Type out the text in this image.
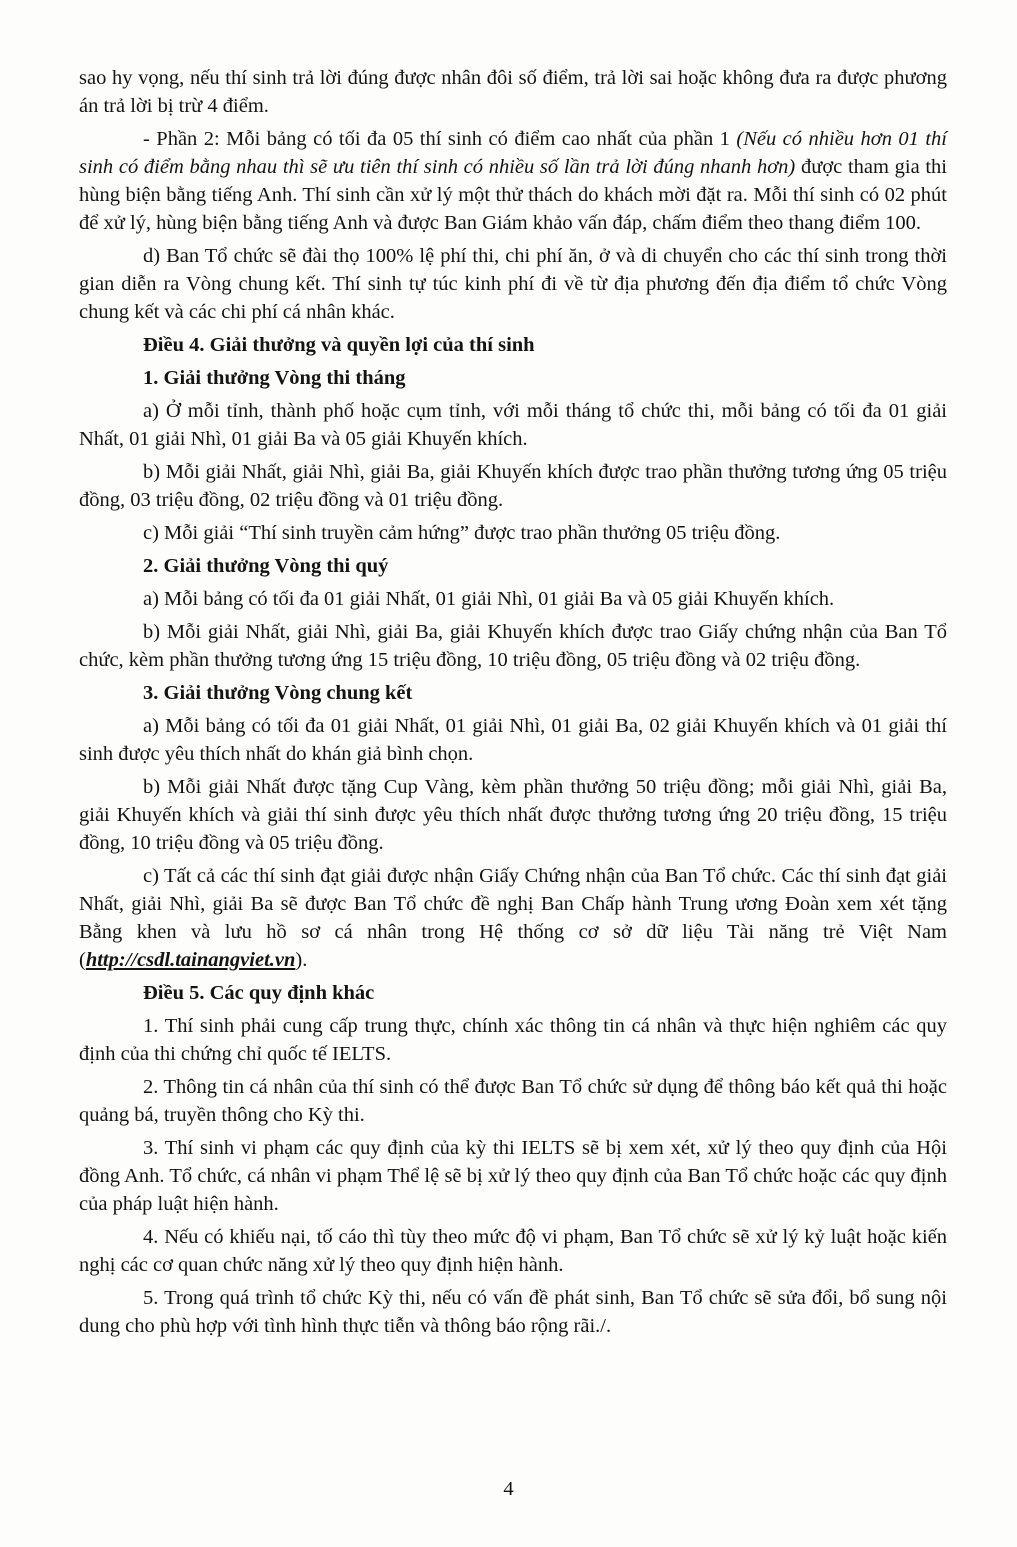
sao hy vọng, nếu thí sinh trả lời đúng được nhân đôi số điểm, trả lời sai hoặc không đưa ra được phương án trả lời bị trừ 4 điểm.

- Phần 2: Mỗi bảng có tối đa 05 thí sinh có điểm cao nhất của phần 1 (Nếu có nhiều hơn 01 thí sinh có điểm bằng nhau thì sẽ ưu tiên thí sinh có nhiều số lần trả lời đúng nhanh hơn) được tham gia thi hùng biện bằng tiếng Anh. Thí sinh cần xử lý một thử thách do khách mời đặt ra. Mỗi thí sinh có 02 phút để xử lý, hùng biện bằng tiếng Anh và được Ban Giám khảo vấn đáp, chấm điểm theo thang điểm 100.

d) Ban Tổ chức sẽ đài thọ 100% lệ phí thi, chi phí ăn, ở và di chuyển cho các thí sinh trong thời gian diễn ra Vòng chung kết. Thí sinh tự túc kinh phí đi về từ địa phương đến địa điểm tổ chức Vòng chung kết và các chi phí cá nhân khác.

Điều 4. Giải thưởng và quyền lợi của thí sinh

1. Giải thưởng Vòng thi tháng

a) Ở mỗi tỉnh, thành phố hoặc cụm tỉnh, với mỗi tháng tổ chức thi, mỗi bảng có tối đa 01 giải Nhất, 01 giải Nhì, 01 giải Ba và 05 giải Khuyến khích.

b) Mỗi giải Nhất, giải Nhì, giải Ba, giải Khuyến khích được trao phần thưởng tương ứng 05 triệu đồng, 03 triệu đồng, 02 triệu đồng và 01 triệu đồng.

c) Mỗi giải “Thí sinh truyền cảm hứng” được trao phần thưởng 05 triệu đồng.

2. Giải thưởng Vòng thi quý

a) Mỗi bảng có tối đa 01 giải Nhất, 01 giải Nhì, 01 giải Ba và 05 giải Khuyến khích.

b) Mỗi giải Nhất, giải Nhì, giải Ba, giải Khuyến khích được trao Giấy chứng nhận của Ban Tổ chức, kèm phần thưởng tương ứng 15 triệu đồng, 10 triệu đồng, 05 triệu đồng và 02 triệu đồng.

3. Giải thưởng Vòng chung kết

a) Mỗi bảng có tối đa 01 giải Nhất, 01 giải Nhì, 01 giải Ba, 02 giải Khuyến khích và 01 giải thí sinh được yêu thích nhất do khán giả bình chọn.

b) Mỗi giải Nhất được tặng Cup Vàng, kèm phần thưởng 50 triệu đồng; mỗi giải Nhì, giải Ba, giải Khuyến khích và giải thí sinh được yêu thích nhất được thưởng tương ứng 20 triệu đồng, 15 triệu đồng, 10 triệu đồng và 05 triệu đồng.

c) Tất cả các thí sinh đạt giải được nhận Giấy Chứng nhận của Ban Tổ chức. Các thí sinh đạt giải Nhất, giải Nhì, giải Ba sẽ được Ban Tổ chức đề nghị Ban Chấp hành Trung ương Đoàn xem xét tặng Bằng khen và lưu hồ sơ cá nhân trong Hệ thống cơ sở dữ liệu Tài năng trẻ Việt Nam (http://csdl.tainangviet.vn).

Điều 5. Các quy định khác

1. Thí sinh phải cung cấp trung thực, chính xác thông tin cá nhân và thực hiện nghiêm các quy định của thi chứng chỉ quốc tế IELTS.

2. Thông tin cá nhân của thí sinh có thể được Ban Tổ chức sử dụng để thông báo kết quả thi hoặc quảng bá, truyền thông cho Kỳ thi.

3. Thí sinh vi phạm các quy định của kỳ thi IELTS sẽ bị xem xét, xử lý theo quy định của Hội đồng Anh. Tổ chức, cá nhân vi phạm Thể lệ sẽ bị xử lý theo quy định của Ban Tổ chức hoặc các quy định của pháp luật hiện hành.

4. Nếu có khiếu nại, tố cáo thì tùy theo mức độ vi phạm, Ban Tổ chức sẽ xử lý kỷ luật hoặc kiến nghị các cơ quan chức năng xử lý theo quy định hiện hành.

5. Trong quá trình tổ chức Kỳ thi, nếu có vấn đề phát sinh, Ban Tổ chức sẽ sửa đổi, bổ sung nội dung cho phù hợp với tình hình thực tiễn và thông báo rộng rãi./.

4
